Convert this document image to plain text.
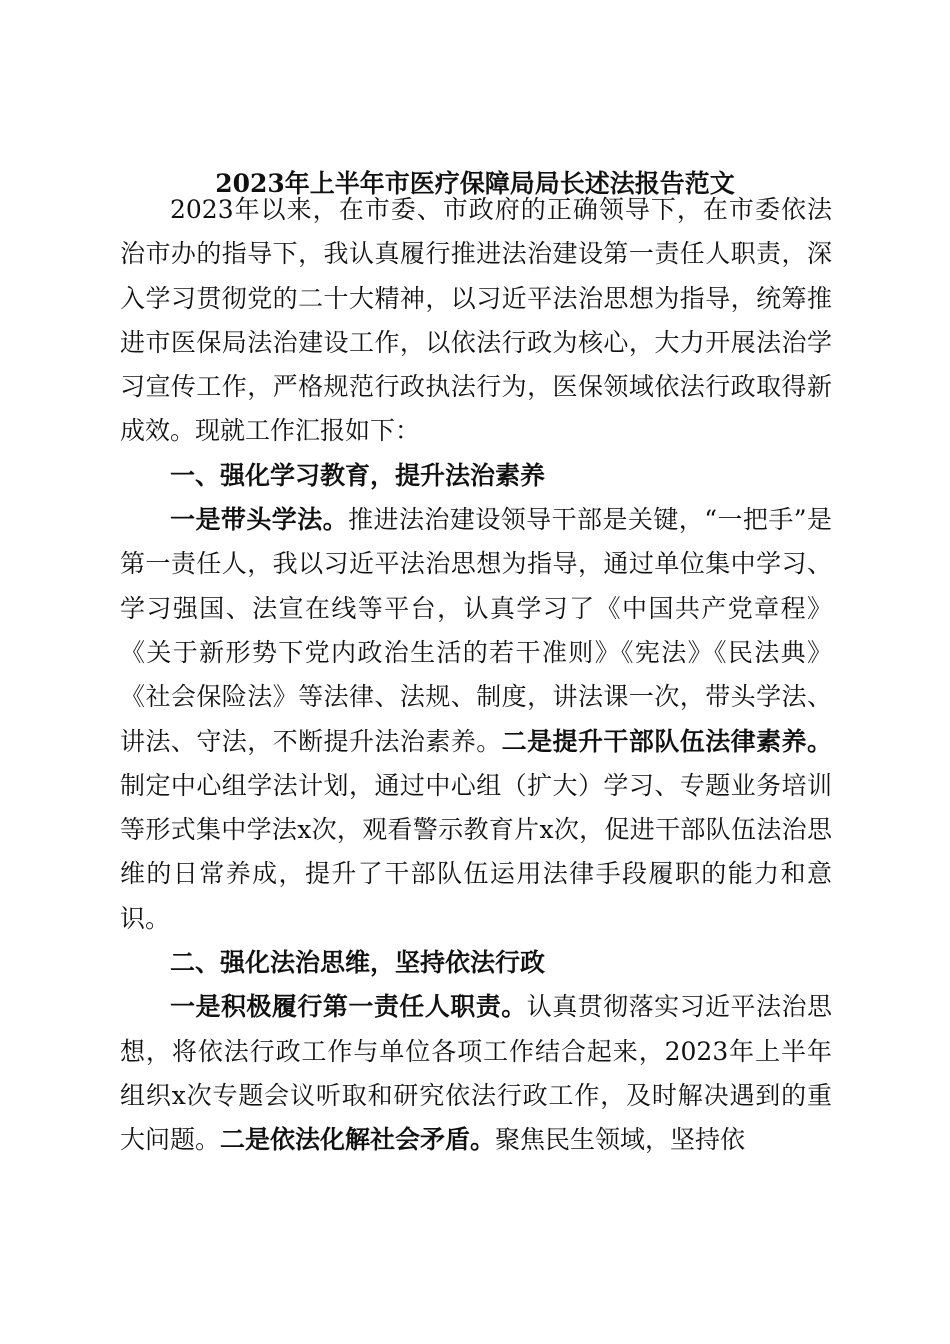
2023年上半年市医疗保障局局长述法报告范文

2023年以来，在市委、市政府的正确领导下，在市委依法治市办的指导下，我认真履行推进法治建设第一责任人职责，深入学习贯彻党的二十大精神，以习近平法治思想为指导，统筹推进市医保局法治建设工作，以依法行政为核心，大力开展法治学习宣传工作，严格规范行政执法行为，医保领域依法行政取得新成效。现就工作汇报如下：

一、强化学习教育，提升法治素养

一是带头学法。推进法治建设领导干部是关键，“一把手”是第一责任人，我以习近平法治思想为指导，通过单位集中学习、学习强国、法宣在线等平台，认真学习了《中国共产党章程》《关于新形势下党内政治生活的若干准则》《宪法》《民法典》《社会保险法》等法律、法规、制度，讲法课一次，带头学法、讲法、守法，不断提升法治素养。二是提升干部队伍法律素养。制定中心组学法计划，通过中心组（扩大）学习、专题业务培训等形式集中学法x次，观看警示教育片x次，促进干部队伍法治思维的日常养成，提升了干部队伍运用法律手段履职的能力和意识。

二、强化法治思维，坚持依法行政

一是积极履行第一责任人职责。认真贯彻落实习近平法治思想，将依法行政工作与单位各项工作结合起来，2023年上半年组织x次专题会议听取和研究依法行政工作，及时解决遇到的重大问题。二是依法化解社会矛盾。聚焦民生领域，坚持依
